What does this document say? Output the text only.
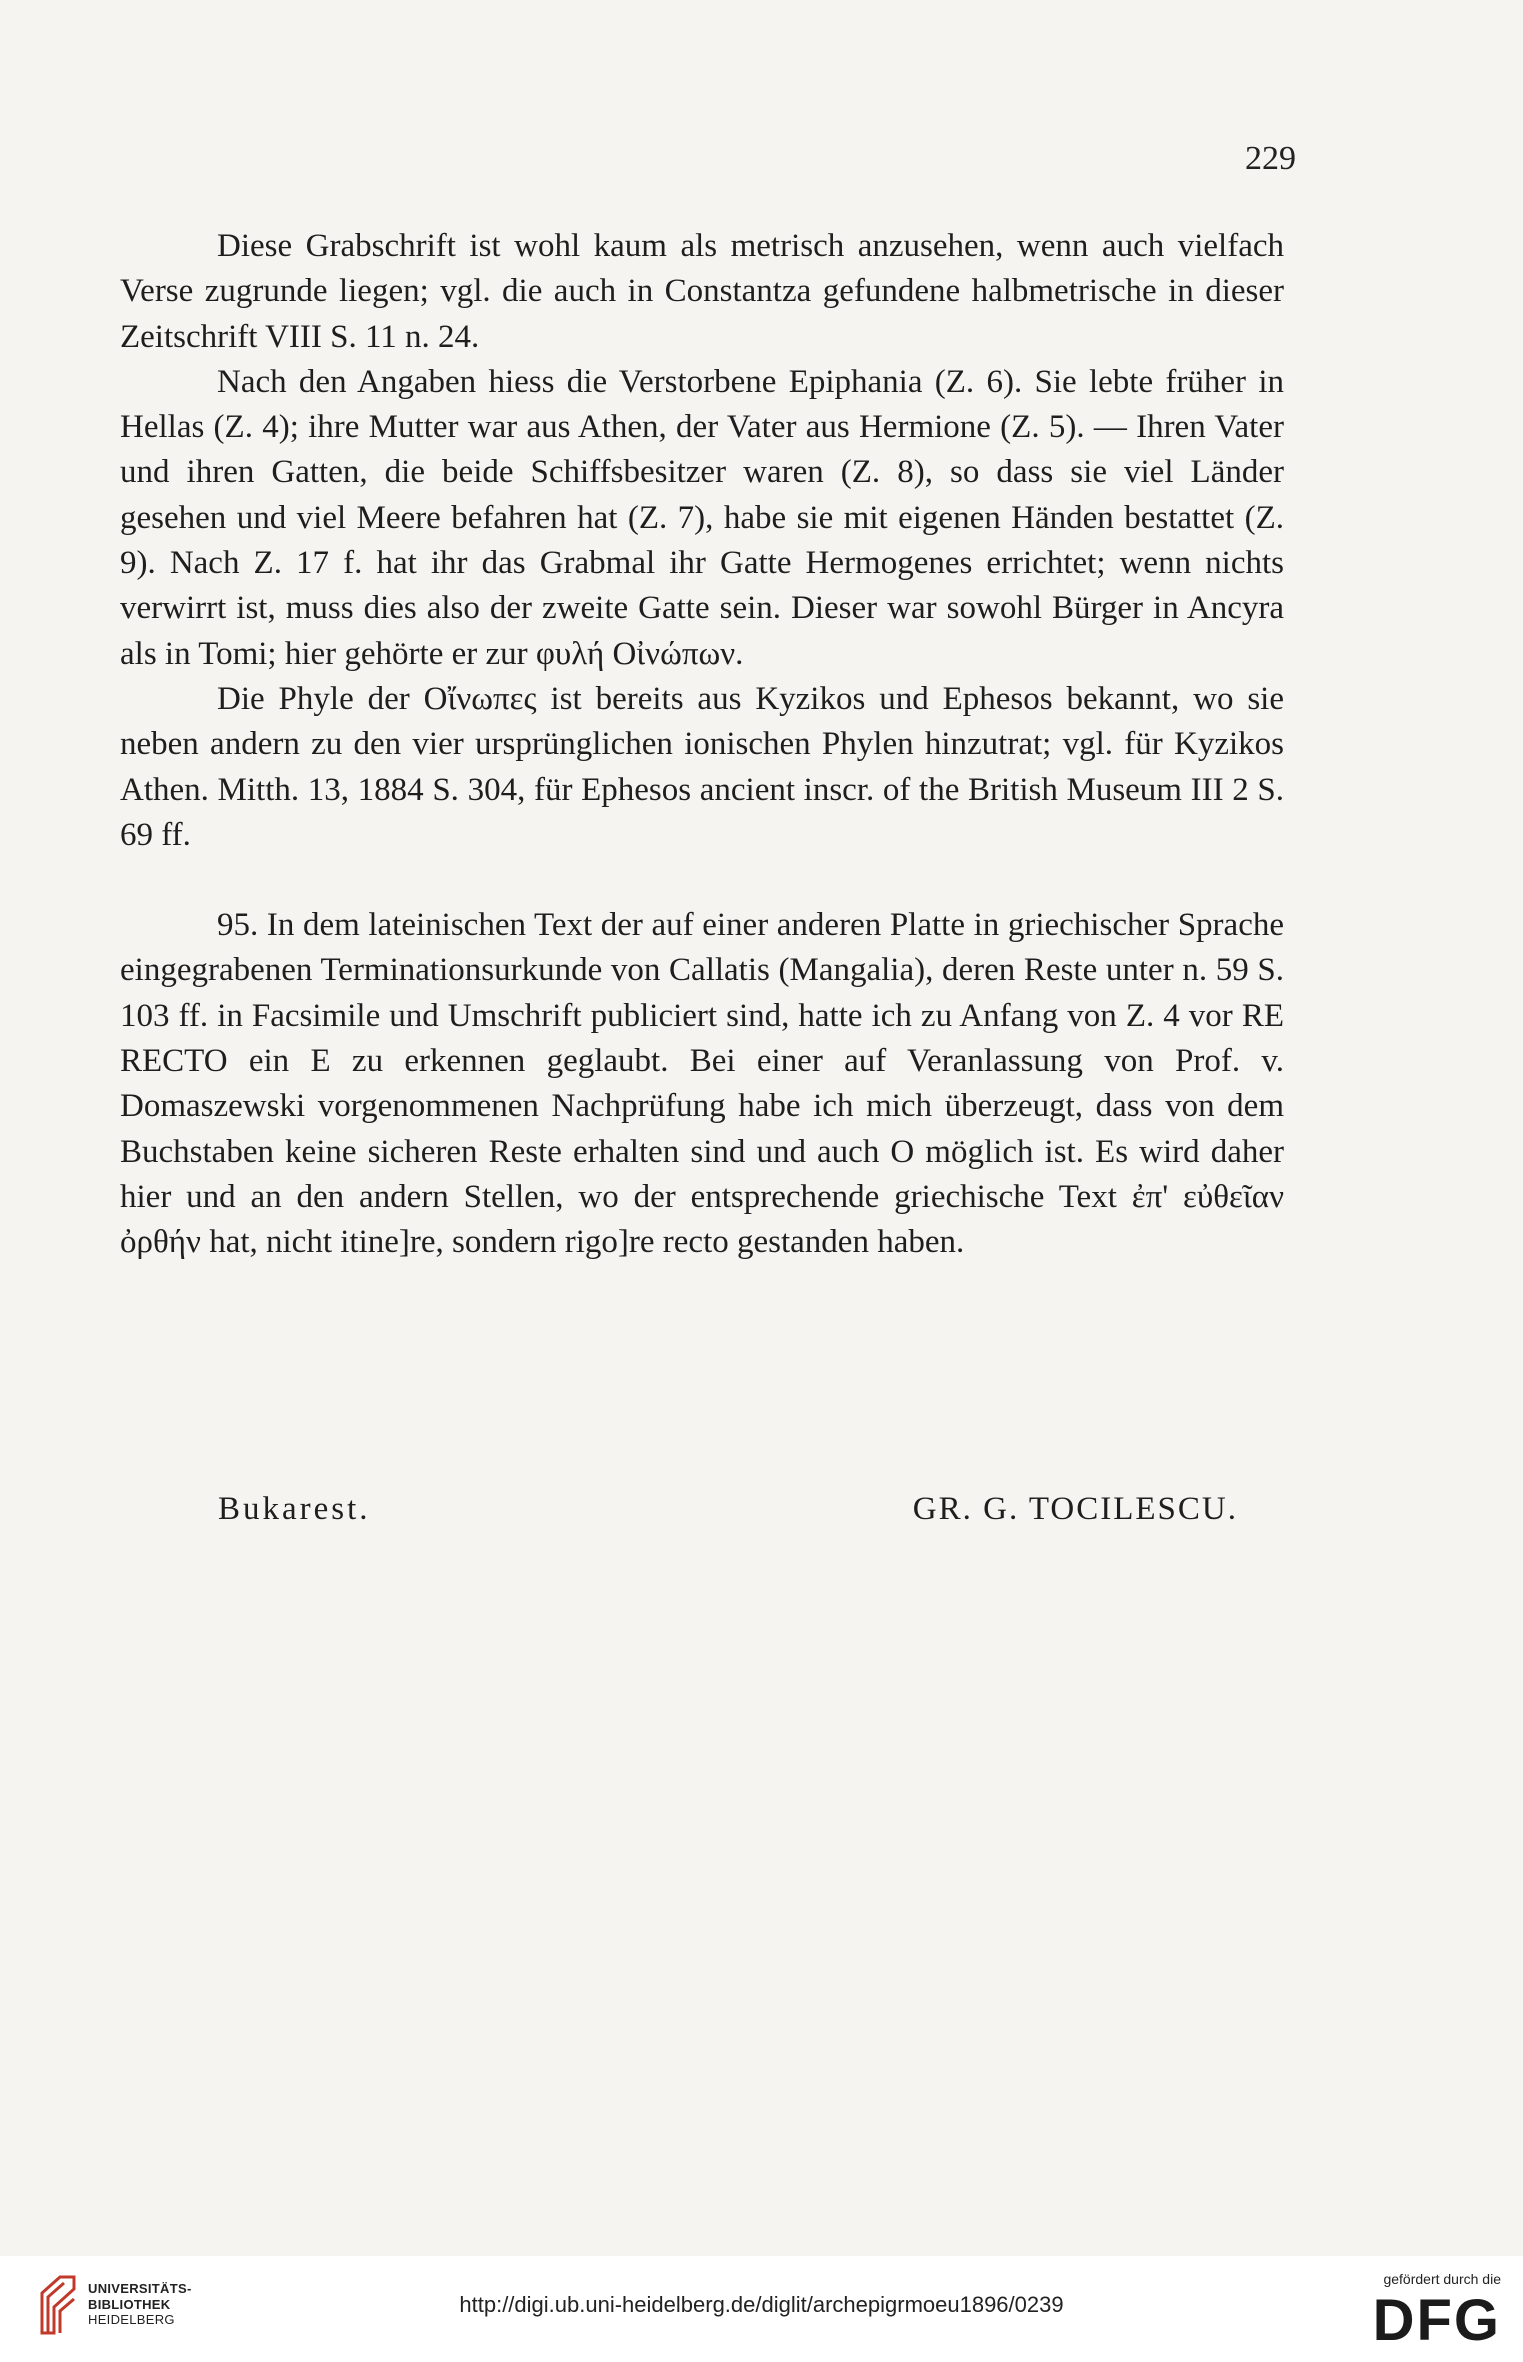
229

Diese Grabschrift ist wohl kaum als metrisch anzusehen, wenn auch vielfach Verse zugrunde liegen; vgl. die auch in Constantza gefundene halbmetrische in dieser Zeitschrift VIII S. 11 n. 24.

Nach den Angaben hiess die Verstorbene Epiphania (Z. 6). Sie lebte früher in Hellas (Z. 4); ihre Mutter war aus Athen, der Vater aus Hermione (Z. 5). — Ihren Vater und ihren Gatten, die beide Schiffsbesitzer waren (Z. 8), so dass sie viel Länder gesehen und viel Meere befahren hat (Z. 7), habe sie mit eigenen Händen bestattet (Z. 9). Nach Z. 17 f. hat ihr das Grabmal ihr Gatte Hermogenes errichtet; wenn nichts verwirrt ist, muss dies also der zweite Gatte sein. Dieser war sowohl Bürger in Ancyra als in Tomi; hier gehörte er zur φυλή Οἰνώπων.

Die Phyle der Οἴνωπες ist bereits aus Kyzikos und Ephesos bekannt, wo sie neben andern zu den vier ursprünglichen ionischen Phylen hinzutrat; vgl. für Kyzikos Athen. Mitth. 13, 1884 S. 304, für Ephesos ancient inscr. of the British Museum III 2 S. 69 ff.

95. In dem lateinischen Text der auf einer anderen Platte in griechischer Sprache eingegrabenen Terminationsurkunde von Callatis (Mangalia), deren Reste unter n. 59 S. 103 ff. in Facsimile und Umschrift publiciert sind, hatte ich zu Anfang von Z. 4 vor RE RECTO ein E zu erkennen geglaubt. Bei einer auf Veranlassung von Prof. v. Domaszewski vorgenommenen Nachprüfung habe ich mich überzeugt, dass von dem Buchstaben keine sicheren Reste erhalten sind und auch O möglich ist. Es wird daher hier und an den andern Stellen, wo der entsprechende griechische Text ἐπ' εὐθεῖαν ὀρθήν hat, nicht itine]re, sondern rigo]re recto gestanden haben.

Bukarest.	GR. G. TOCILESCU.
UNIVERSITÄTS-
BIBLIOTHEK
HEIDELBERG
http://digi.ub.uni-heidelberg.de/diglit/archepigrmoeu1896/0239
gefördert durch die
DFG
